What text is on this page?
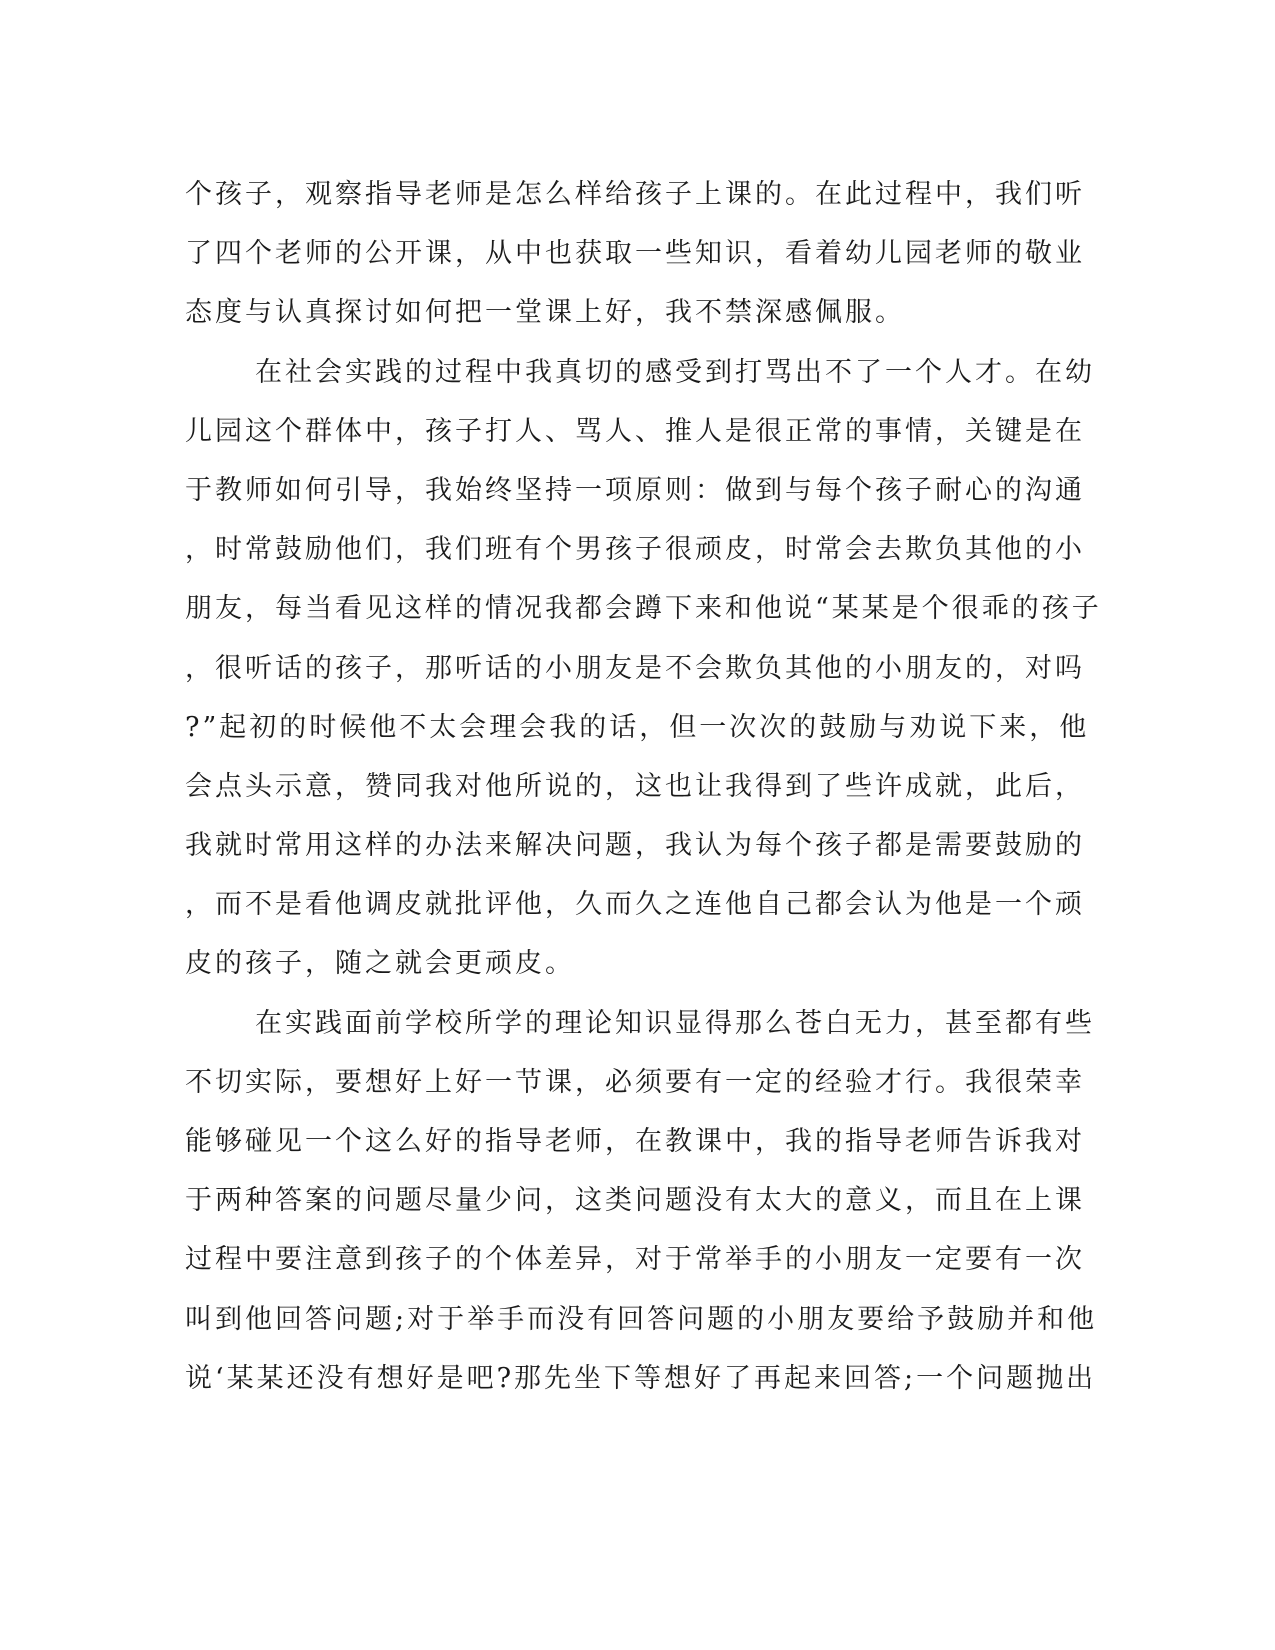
个孩子，观察指导老师是怎么样给孩子上课的。在此过程中，我们听
了四个老师的公开课，从中也获取一些知识，看着幼儿园老师的敬业
态度与认真探讨如何把一堂课上好，我不禁深感佩服。
在社会实践的过程中我真切的感受到打骂出不了一个人才。在幼
儿园这个群体中，孩子打人、骂人、推人是很正常的事情，关键是在
于教师如何引导，我始终坚持一项原则：做到与每个孩子耐心的沟通
，时常鼓励他们，我们班有个男孩子很顽皮，时常会去欺负其他的小
朋友，每当看见这样的情况我都会蹲下来和他说“某某是个很乖的孩子
，很听话的孩子，那听话的小朋友是不会欺负其他的小朋友的，对吗
?”起初的时候他不太会理会我的话，但一次次的鼓励与劝说下来，他
会点头示意，赞同我对他所说的，这也让我得到了些许成就，此后，
我就时常用这样的办法来解决问题，我认为每个孩子都是需要鼓励的
，而不是看他调皮就批评他，久而久之连他自己都会认为他是一个顽
皮的孩子，随之就会更顽皮。
在实践面前学校所学的理论知识显得那么苍白无力，甚至都有些
不切实际，要想好上好一节课，必须要有一定的经验才行。我很荣幸
能够碰见一个这么好的指导老师，在教课中，我的指导老师告诉我对
于两种答案的问题尽量少问，这类问题没有太大的意义，而且在上课
过程中要注意到孩子的个体差异，对于常举手的小朋友一定要有一次
叫到他回答问题;对于举手而没有回答问题的小朋友要给予鼓励并和他
说‘某某还没有想好是吧?那先坐下等想好了再起来回答;一个问题抛出
